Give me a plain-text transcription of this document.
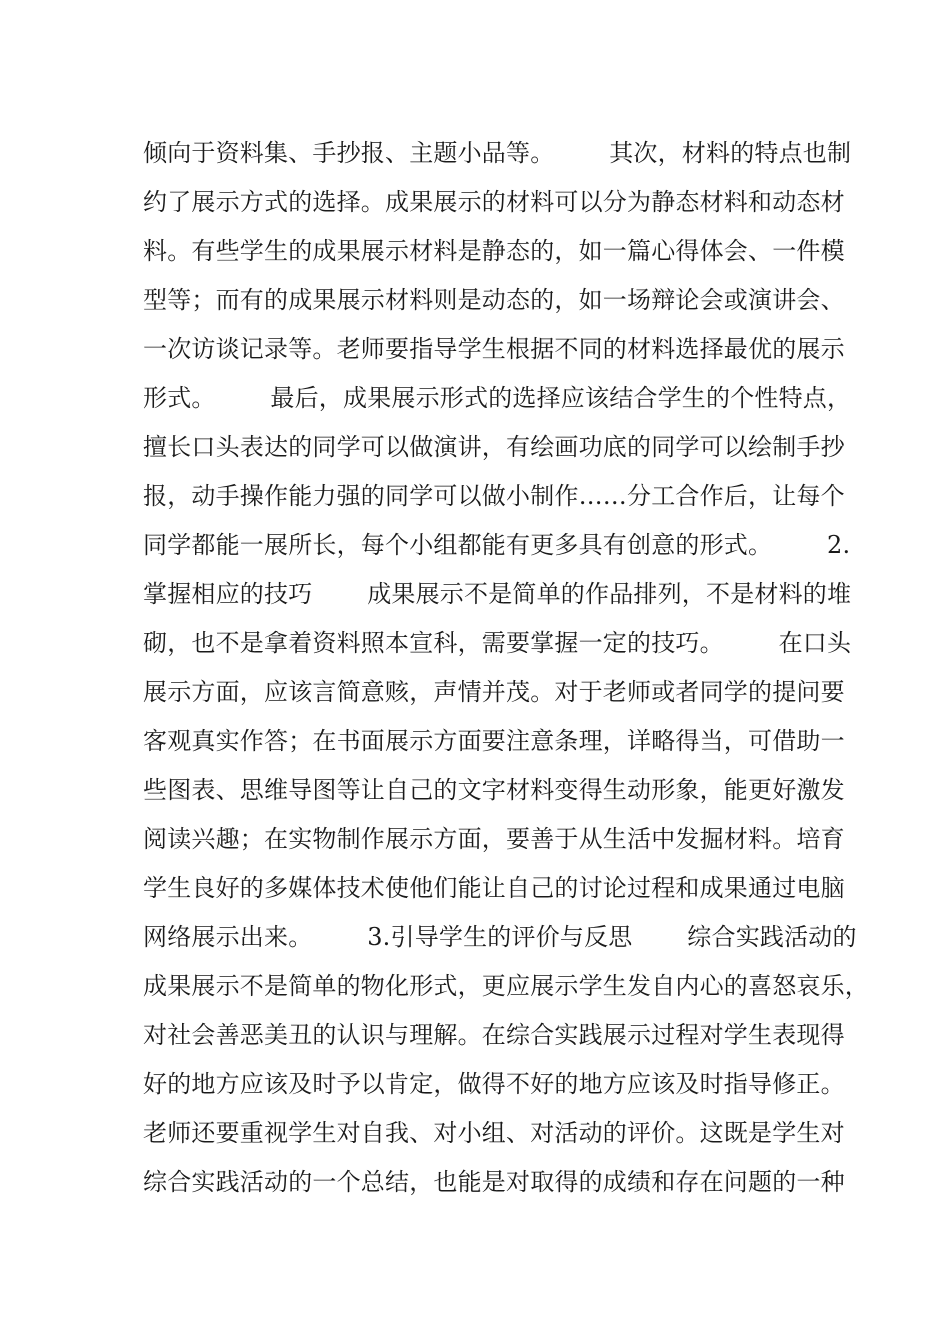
倾向于资料集、手抄报、主题小品等。       其次，材料的特点也制
约了展示方式的选择。成果展示的材料可以分为静态材料和动态材
料。有些学生的成果展示材料是静态的，如一篇心得体会、一件模
型等；而有的成果展示材料则是动态的，如一场辩论会或演讲会、
一次访谈记录等。老师要指导学生根据不同的材料选择最优的展示
形式。       最后，成果展示形式的选择应该结合学生的个性特点，
擅长口头表达的同学可以做演讲，有绘画功底的同学可以绘制手抄
报，动手操作能力强的同学可以做小制作……分工合作后，让每个
同学都能一展所长，每个小组都能有更多具有创意的形式。       2.
掌握相应的技巧       成果展示不是简单的作品排列，不是材料的堆
砌，也不是拿着资料照本宣科，需要掌握一定的技巧。       在口头
展示方面，应该言简意赅，声情并茂。对于老师或者同学的提问要
客观真实作答；在书面展示方面要注意条理，详略得当，可借助一
些图表、思维导图等让自己的文字材料变得生动形象，能更好激发
阅读兴趣；在实物制作展示方面，要善于从生活中发掘材料。培育
学生良好的多媒体技术使他们能让自己的讨论过程和成果通过电脑
网络展示出来。       3.引导学生的评价与反思       综合实践活动的
成果展示不是简单的物化形式，更应展示学生发自内心的喜怒哀乐，
对社会善恶美丑的认识与理解。在综合实践展示过程对学生表现得
好的地方应该及时予以肯定，做得不好的地方应该及时指导修正。
老师还要重视学生对自我、对小组、对活动的评价。这既是学生对
综合实践活动的一个总结，也能是对取得的成绩和存在问题的一种
